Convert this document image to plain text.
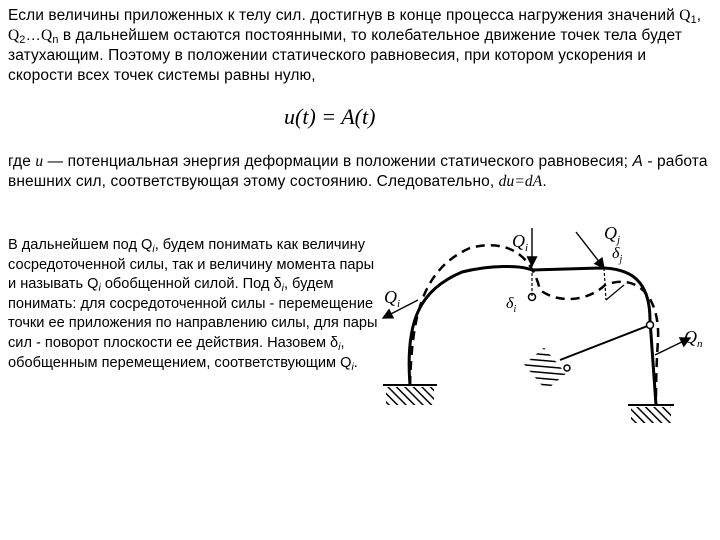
Если величины приложенных к телу сил. достигнув в конце процесса нагружения значений $Q_1$, $Q_2\dots Q_n$ в дальнейшем остаются постоянными, то колебательное движение точек тела будет затухающим. Поэтому в положении статического равновесия, при котором ускорения и скорости всех точек системы равны нулю,
u(t) = A(t)
где u — потенциальная энергия деформации в положении статического равновесия; A - работа внешних сил, соответствующая этому состоянию. Следовательно, du=dA.
В дальнейшем под $Q_i$, будем понимать как величину сосредоточенной силы, так и величину момента пары и называть $Q_i$ обобщенной силой. Под $\delta_i$, будем понимать: для сосредоточенной силы - перемещение точки ее приложения по направлению силы, для пары сил - поворот плоскости ее действия. Назовем $\delta_i$, обобщенным перемещением, соответствующим $Q_i$.
$Q_i$
$Q_j$
$\delta_j$
$Q_i$	$\delta_i$
$Q_n$
